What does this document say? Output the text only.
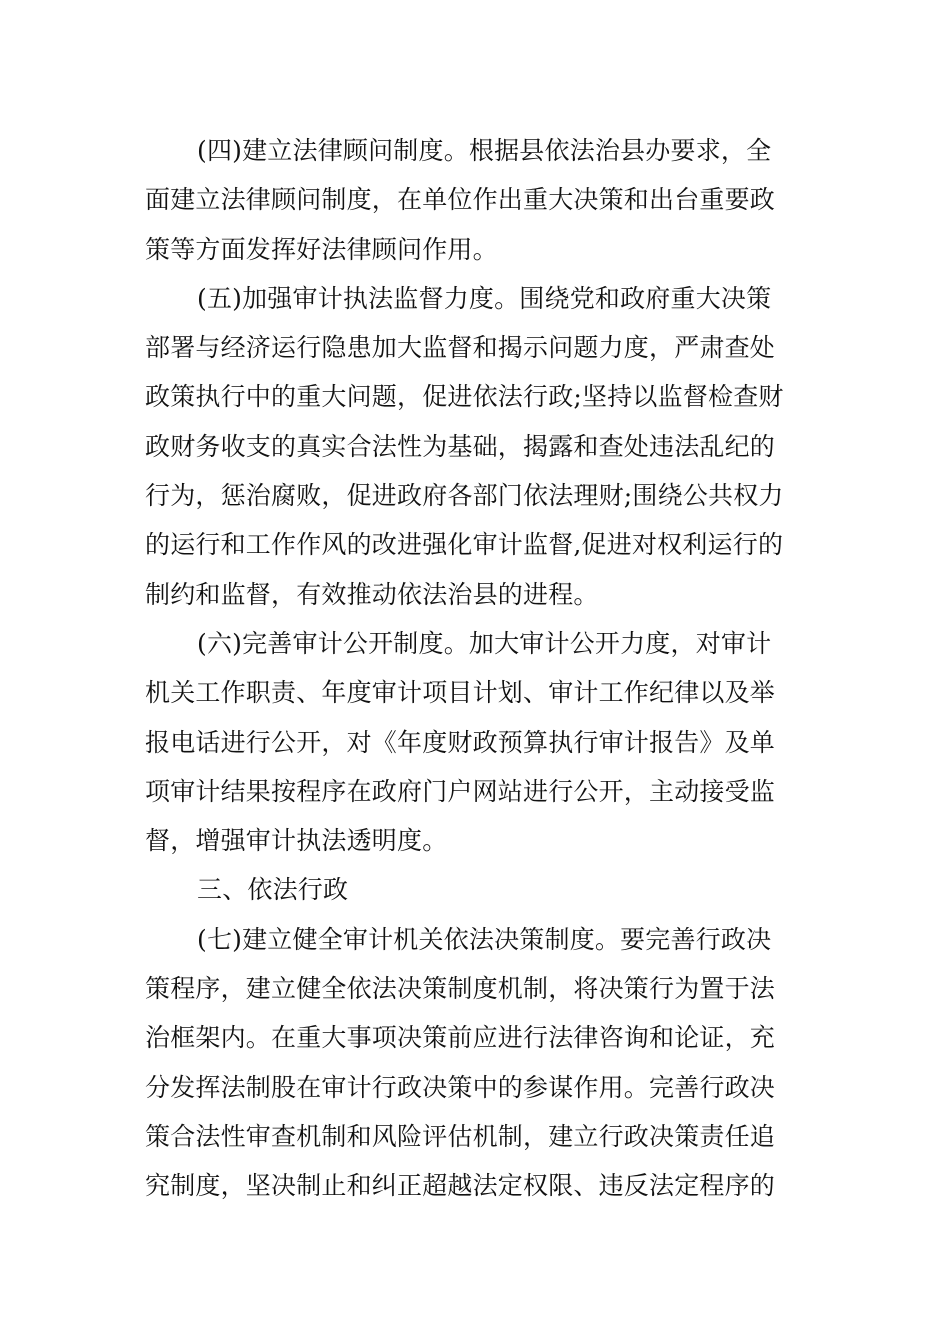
(四)建立法律顾问制度。根据县依法治县办要求，全
面建立法律顾问制度，在单位作出重大决策和出台重要政
策等方面发挥好法律顾问作用。
(五)加强审计执法监督力度。围绕党和政府重大决策
部署与经济运行隐患加大监督和揭示问题力度，严肃查处
政策执行中的重大问题，促进依法行政;坚持以监督检查财
政财务收支的真实合法性为基础，揭露和查处违法乱纪的
行为，惩治腐败，促进政府各部门依法理财;围绕公共权力
的运行和工作作风的改进强化审计监督,促进对权利运行的
制约和监督，有效推动依法治县的进程。
(六)完善审计公开制度。加大审计公开力度，对审计
机关工作职责、年度审计项目计划、审计工作纪律以及举
报电话进行公开，对《年度财政预算执行审计报告》及单
项审计结果按程序在政府门户网站进行公开，主动接受监
督，增强审计执法透明度。
三、依法行政
(七)建立健全审计机关依法决策制度。要完善行政决
策程序，建立健全依法决策制度机制，将决策行为置于法
治框架内。在重大事项决策前应进行法律咨询和论证，充
分发挥法制股在审计行政决策中的参谋作用。完善行政决
策合法性审查机制和风险评估机制，建立行政决策责任追
究制度，坚决制止和纠正超越法定权限、违反法定程序的
